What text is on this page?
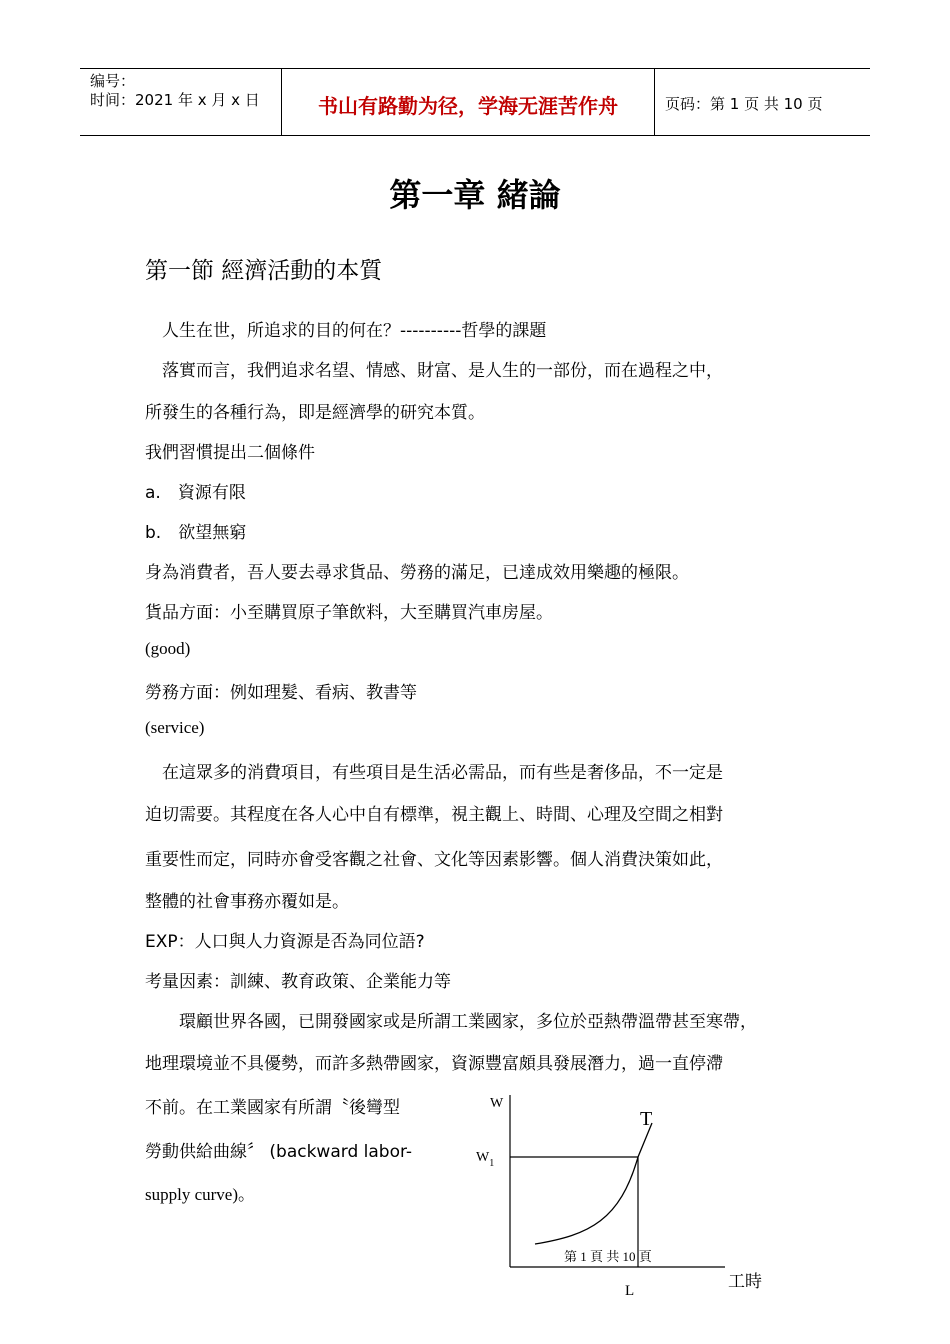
编号：
时间：2021 年 x 月 x 日	书山有路勤为径，学海无涯苦作舟	页码：第 1 页 共 10 页
第一章 緒論
第一節 經濟活動的本質
　人生在世，所追求的目的何在？----------哲學的課題
　落實而言，我們追求名望、情感、財富、是人生的一部份，而在過程之中，
所發生的各種行為，即是經濟學的研究本質。
我們習慣提出二個條件
a.　資源有限
b.　欲望無窮
身為消費者，吾人要去尋求貨品、勞務的滿足，已達成效用樂趣的極限。
貨品方面：小至購買原子筆飲料，大至購買汽車房屋。
(good)
勞務方面：例如理髮、看病、教書等
(service)
　在這眾多的消費項目，有些項目是生活必需品，而有些是奢侈品，不一定是
迫切需要。其程度在各人心中自有標準，視主觀上、時間、心理及空間之相對
重要性而定，同時亦會受客觀之社會、文化等因素影響。個人消費決策如此，
整體的社會事務亦覆如是。
EXP：人口與人力資源是否為同位語?
考量因素：訓練、教育政策、企業能力等
　　環顧世界各國，已開發國家或是所謂工業國家，多位於亞熱帶溫帶甚至寒帶，
地理環境並不具優勢，而許多熱帶國家，資源豐富頗具發展潛力，過一直停滯
不前。在工業國家有所謂〝後彎型
勞動供給曲線〞 (backward labor-
supply curve)。
W
$W_1$
T
第 1 頁 共 10 頁
L	工時
